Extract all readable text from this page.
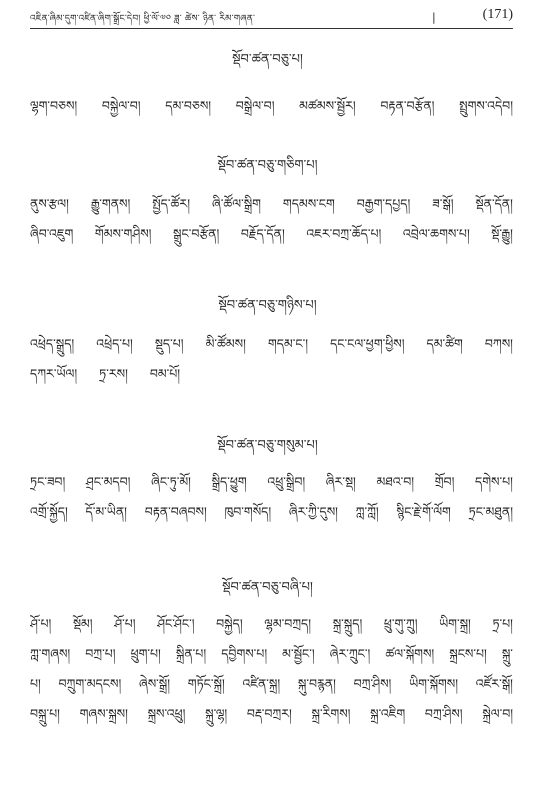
འཇིན་ཞིམ་དུག་འཛིན་ཞིག་སྒྲོང་དེབ། ཕྱི་ལོ་༧༠ ཟླ་ ཚེས་ ཉིན་ རིམ་གཞན་	|	(171)
སྡོབ་ཚན་བཅུ་པ།
ལྷག་བཅས། བསྐྱེལ་བ། དམ་བཅས། བསྒྲེལ་བ། མཚམས་སྦྱོར། བརྟན་བརྩོན། སྤྲུགས་འདེབ།
སྡོབ་ཚན་བཅུ་གཅིག་པ།
ནུས་རྩལ། རྒྱུ་གནས། སྤྱོད་ཚོར། ཞི་ཚོལ་སྒྲིག གདམས་ངག བརྒྱག་དཔྱད། ཟ་སྒོ། སྡོན་དོན།
ཞིབ་འཇུག གོམས་གཤིས། སྒྲུང་བརྩོན། བརྗོད་དོན། འཇར་བཀྲ་ཆོད་པ། འབྲེལ་ཆགས་པ། སྡོ་རྒྱུ།
སྡོབ་ཚན་བཅུ་གཉིས་པ།
འཕྲེད་སྒྲུད། འཕྲེད་པ། སྡུད་པ། མི་ཚོམས། གདམ་ང་། དང་ངལ་ཕྱག་ཕྱིས། དམ་ཚིག བཀས།
དཀར་ཡོལ། ཏྲ་རས། བམ་པོ།
སྡོབ་ཚན་བཅུ་གསུམ་པ།
ཏྲང་ཟབ། ཤྲང་མདབ། ཞིང་ཏུ་མོ། སྒྲིད་ཕྱུག འཕྲུ་སྒྲིབ། ཞིར་སྡ། མཐའ་བ། གྲོབ། དགེས་པ།
འགྲོ་སྐྱོད། དོ་མ་ཡིན། བརྟན་བཞབས། ཁུབ་གསོད། ཞིར་ཀྱི་དུས། ཀླ་ཀློ། སྙིང་རྗེ་གོ་ལོག ཏྲང་མཐུན།
སྡོབ་ཚན་བཅུ་བཞི་པ།
ཤོ་པ། སྡོམ། ཤོ་པ། ཤོང་ཤོང་། བསྐྱེད། ལྷམ་བཀྲད། སྐྲ་སྐྲུད། ཕྲུ་གུ་ཀྲུ། ཡིག་སྐྲ། ཏྲ་པ།
ཀླ་གཞས། བཀྲ་པ། ཕྲུག་པ། སྐྲིན་པ། དབྱིགས་པ། མ་སྦྱོང་། ཞེར་ཀྲུང་། ཚལ་སྐོགས། སྐྲངས་པ། སྐྲུ་
པ། བཀྲུག་མདངས། ཞེས་སྒྲོ། གཏོང་སྐྲོ། འཛིན་སྐྲ། སྐུ་བརྙན། བཀྲ་ཤིས། ཡིག་སྐོགས། འཛོར་སྒོ།
བསྐྲུ་པ། གཞས་སྐྲས། སྐྲས་འཕྲུ། སྐྲུ་ལྷ། བརྡ་བཀྲར། སྐྲ་རིགས། སྐྲ་འཇིག བཀྲ་ཤིས། སྐྲེལ་བ།
